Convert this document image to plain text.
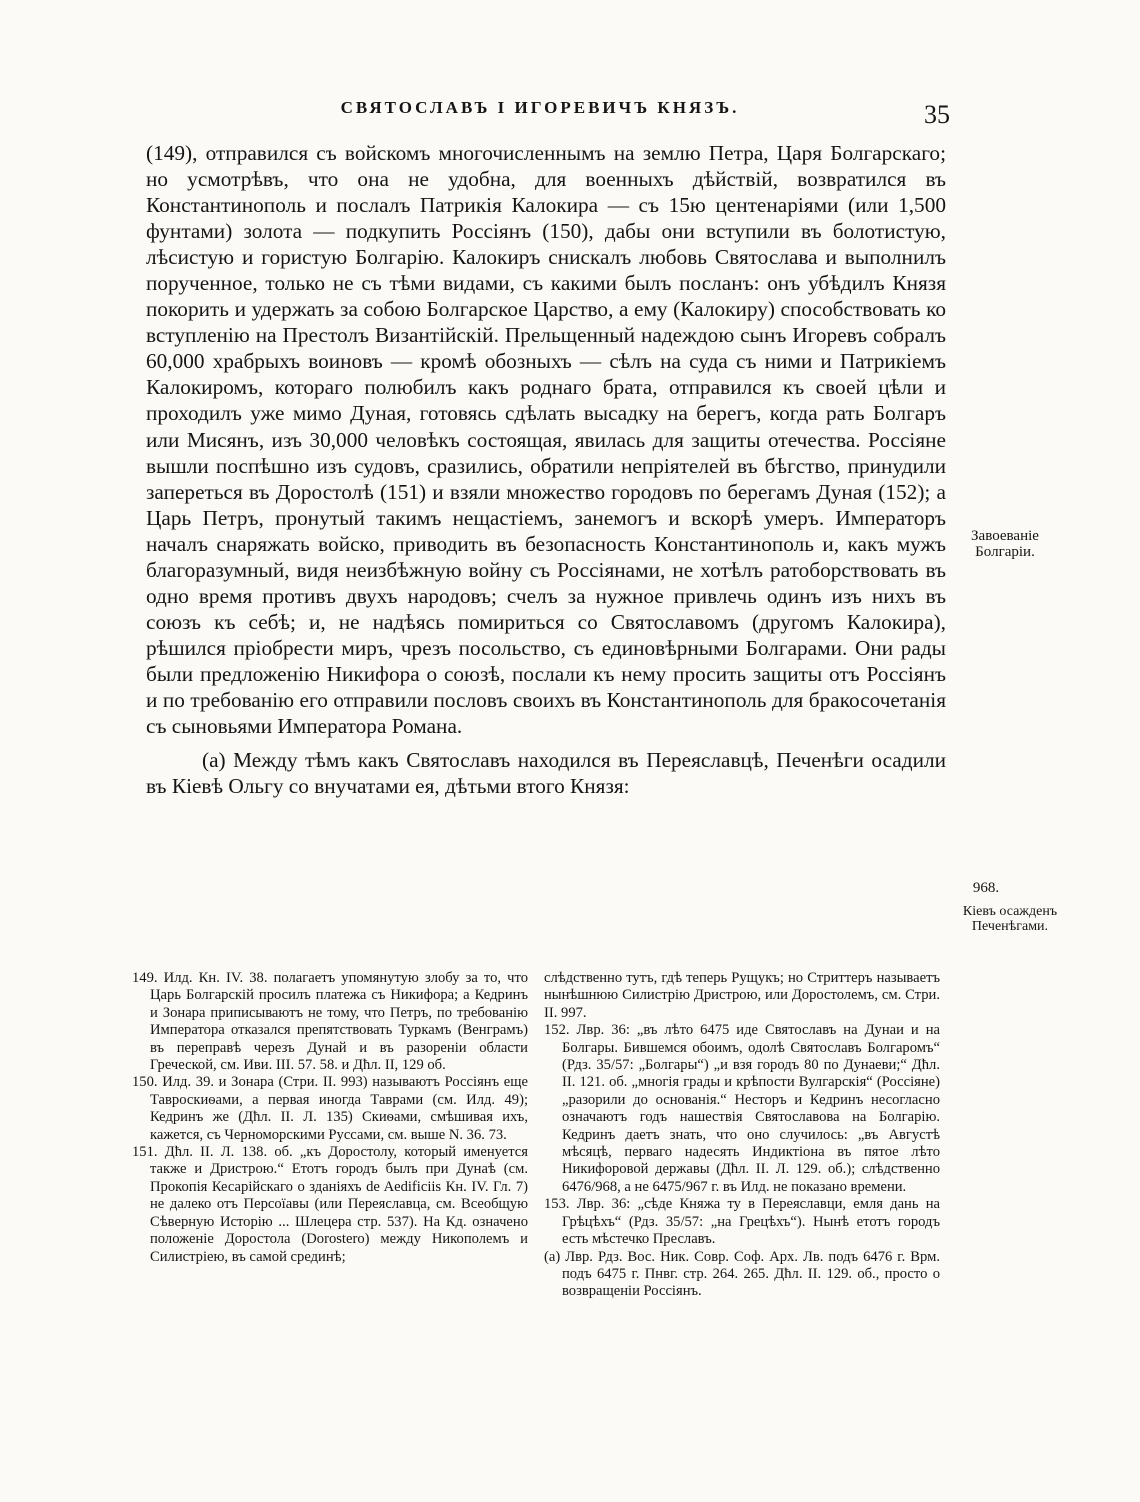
СВЯТОСЛАВЪ I ИГОРЕВИЧЪ КНЯЗЪ.	35

(149), отправился съ войскомъ многочисленнымъ на землю Петра, Царя Болгарскаго; но усмотрѣвъ, что она не удобна, для военныхъ дѣйствій, возвратился въ Константинополь и послалъ Патрикія Калокира — съ 15ю центенаріями (или 1,500 фунтами) золота — подкупить Россіянъ (150), дабы они вступили въ болотистую, лѣсистую и гористую Болгарію. Калокиръ снискалъ любовь Святослава и выполнилъ порученное, только не съ тѣми видами, съ какими былъ посланъ: онъ убѣдилъ Князя покорить и удержать за собою Болгарское Царство, а ему (Калокиру) способствовать ко вступленію на Престолъ Византійскій. Прельщенный надеждою сынъ Игоревъ собралъ 60,000 храбрыхъ воиновъ — кромѣ обозныхъ — сѣлъ на суда съ ними и Патрикіемъ Калокиромъ, котораго полюбилъ какъ роднаго брата, отправился къ своей цѣли и проходилъ уже мимо Дуная, готовясь сдѣлать высадку на берегъ, когда рать Болгаръ или Мисянъ, изъ 30,000 человѣкъ состоящая, явилась для защиты отечества. Россіяне вышли поспѣшно изъ судовъ, сразились, обратили непріятелей въ бѣгство, принудили запереться въ Доростолѣ (151) и взяли множество городовъ по берегамъ Дуная (152); а Царь Петръ, пронутый такимъ нещастіемъ, занемогъ и вскорѣ умеръ. Императоръ началъ снаряжать войско, приводить въ безопасность Константинополь и, какъ мужъ благоразумный, видя неизбѣжную войну съ Россіянами, не хотѣлъ ратоборствовать въ одно время противъ двухъ народовъ; счелъ за нужное привлечь одинъ изъ нихъ въ союзъ къ себѣ; и, не надѣясь помириться со Святославомъ (другомъ Калокира), рѣшился пріобрести миръ, чрезъ посольство, съ единовѣрными Болгарами. Они рады были предложенію Никифора о союзѣ, послали къ нему просить защиты отъ Россіянъ и по требованію его отправили пословъ своихъ въ Константинополь для бракосочетанія съ сыновьями Императора Романа.

(а) Между тѣмъ какъ Святославъ находился въ Переяславцѣ, Печенѣги осадили въ Кіевѣ Ольгу со внучатами ея, дѣтьми втого Князя:

Завоеваніе Болгаріи.
968.
Кіевъ осажденъ Печенѣгами.

149. Илд. Кн. IV. 38. полагаетъ упомянутую злобу за то, что Царь Болгарскій просилъ платежа съ Никифора; а Кедринъ и Зонара приписываютъ не тому, что Петръ, по требованію Императора отказался препятствовать Туркамъ (Венграмъ) въ переправѣ черезъ Дунай и въ разореніи области Греческой, см. Иви. III. 57. 58. и Дћл. II, 129 об.

150. Илд. 39. и Зонара (Стри. II. 993) называютъ Россіянъ еще Тавроскиѳами, а первая иногда Таврами (см. Илд. 49); Кедринъ же (Дћл. II. Л. 135) Скиѳами, смѣшивая ихъ, кажется, съ Черноморскими Руссами, см. выше N. 36. 73.

151. Дћл. II. Л. 138. об. „къ Доростолу, который именуется также и Дристрою.“ Етотъ городъ былъ при Дунаѣ (см. Прокопія Кесарійскаго о зданіяхъ de Aedificiis Кн. IV. Гл. 7) не далеко отъ Персоїавы (или Переяславца, см. Всеобщую Сѣверную Исторію ... Шлецера стр. 537). На Кд. означено положеніе Доростола (Dorostero) между Никополемъ и Силистріею, въ самой срединѣ;

слѣдственно тутъ, гдѣ теперь Рущукъ; но Стриттеръ называетъ нынѣшнюю Силистрію Дристрою, или Доростолемъ, см. Стри. II. 997.

152. Лвр. 36: „въ лѣто 6475 иде Святославъ на Дунаи и на Болгары. Бившемся обоимъ, одолѣ Святославъ Болгаромъ“ (Рдз. 35/57: „Болгары“) „и взя городъ 80 по Дунаеви;“ Дћл. II. 121. об. „многія грады и крѣпости Вулгарскія“ (Россіяне) „разорили до основанія.“ Несторъ и Кедринъ несогласно означаютъ годъ нашествія Святославова на Болгарію. Кедринъ даетъ знать, что оно случилось: „въ Августѣ мѣсяцѣ, перваго надесять Индиктіона въ пятое лѣто Никифоровой державы (Дћл. II. Л. 129. об.); слѣдственно 6476/968, а не 6475/967 г. въ Илд. не показано времени.

153. Лвр. 36: „сѣде Княжа ту в Переяславци, емля дань на Грѣцѣхъ“ (Рдз. 35/57: „на Грецѣхъ“). Нынѣ етотъ городъ есть мѣстечко Преславъ.

(а) Лвр. Рдз. Вос. Ник. Совр. Соф. Арх. Лв. подъ 6476 г. Врм. подъ 6475 г. Пнвг. стр. 264. 265. Дћл. II. 129. об., просто о возвращеніи Россіянъ.
